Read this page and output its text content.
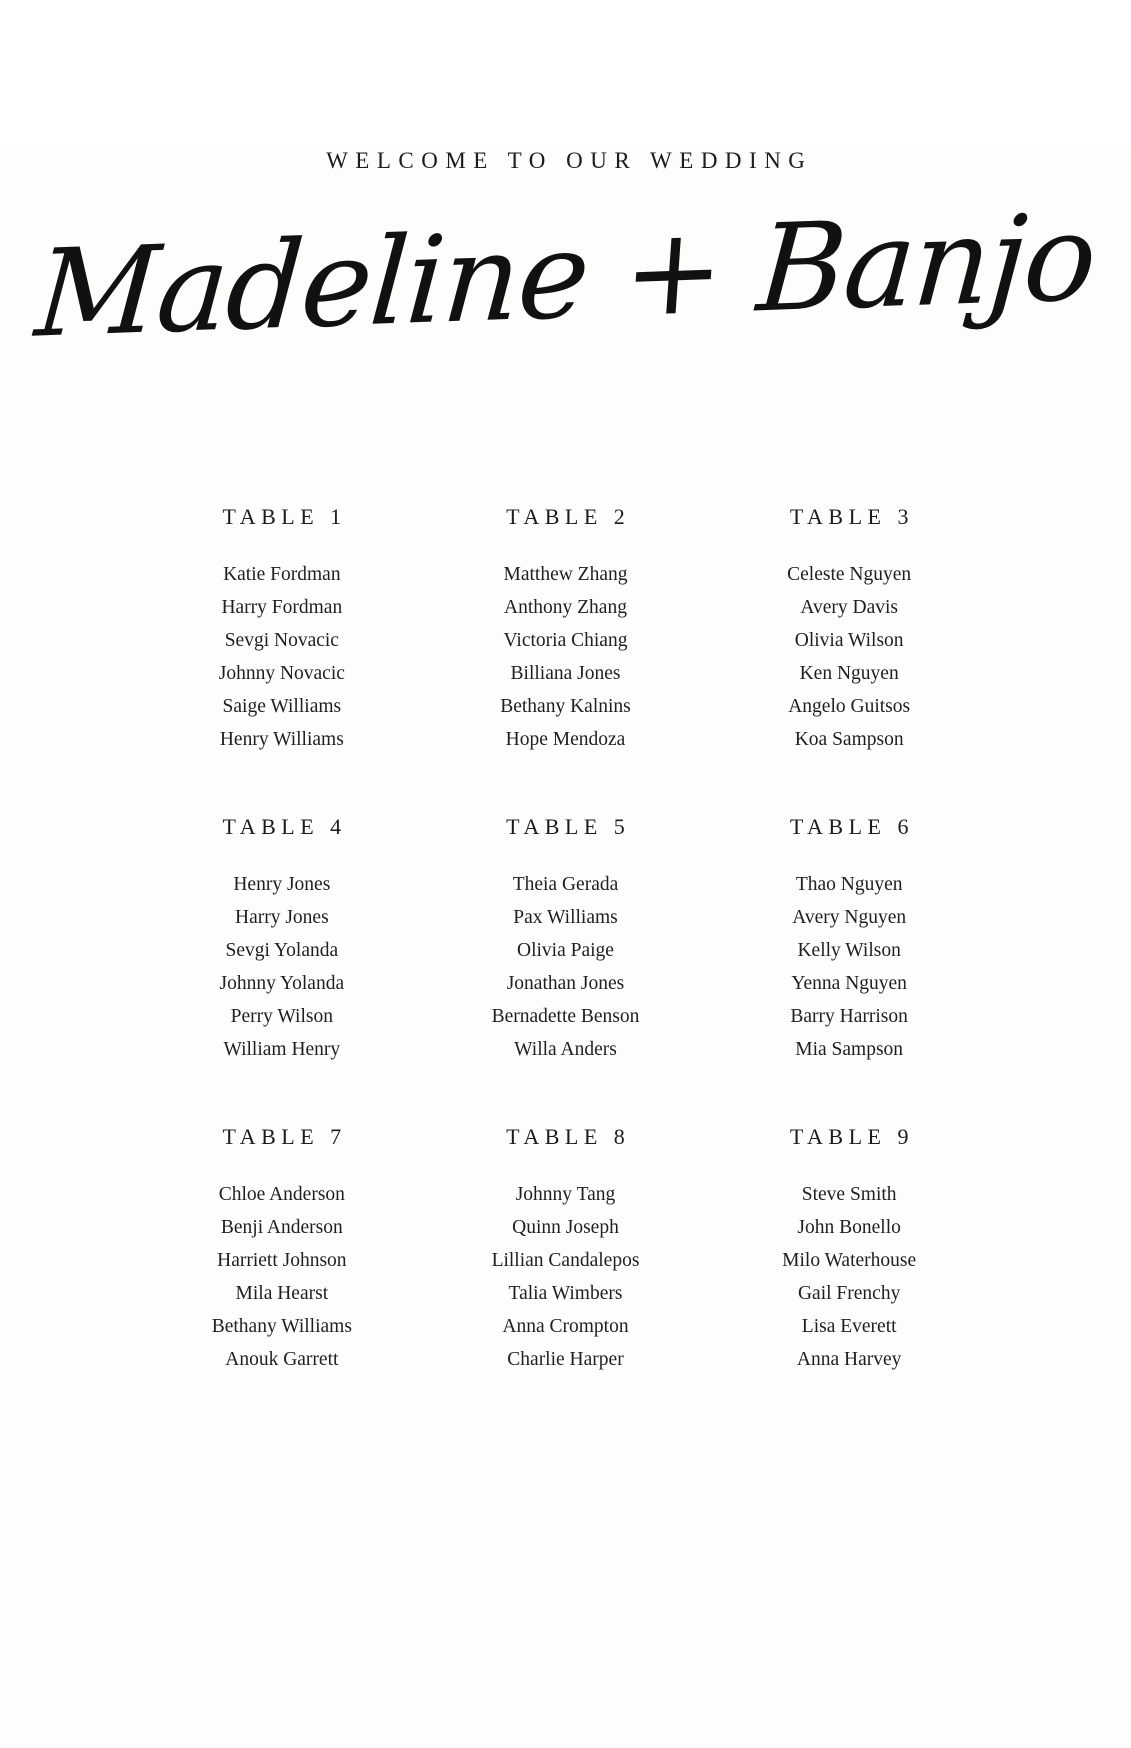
WELCOME TO OUR WEDDING
Madeline + Banjo
TABLE 1
Katie Fordman
Harry Fordman
Sevgi Novacic
Johnny Novacic
Saige Williams
Henry Williams
TABLE 2
Matthew Zhang
Anthony Zhang
Victoria Chiang
Billiana Jones
Bethany Kalnins
Hope Mendoza
TABLE 3
Celeste Nguyen
Avery Davis
Olivia Wilson
Ken Nguyen
Angelo Guitsos
Koa Sampson
TABLE 4
Henry Jones
Harry Jones
Sevgi Yolanda
Johnny Yolanda
Perry Wilson
William Henry
TABLE 5
Theia Gerada
Pax Williams
Olivia Paige
Jonathan Jones
Bernadette Benson
Willa Anders
TABLE 6
Thao Nguyen
Avery Nguyen
Kelly Wilson
Yenna Nguyen
Barry Harrison
Mia Sampson
TABLE 7
Chloe Anderson
Benji Anderson
Harriett Johnson
Mila Hearst
Bethany Williams
Anouk Garrett
TABLE 8
Johnny Tang
Quinn Joseph
Lillian Candalepos
Talia Wimbers
Anna Crompton
Charlie Harper
TABLE 9
Steve Smith
John Bonello
Milo Waterhouse
Gail Frenchy
Lisa Everett
Anna Harvey
